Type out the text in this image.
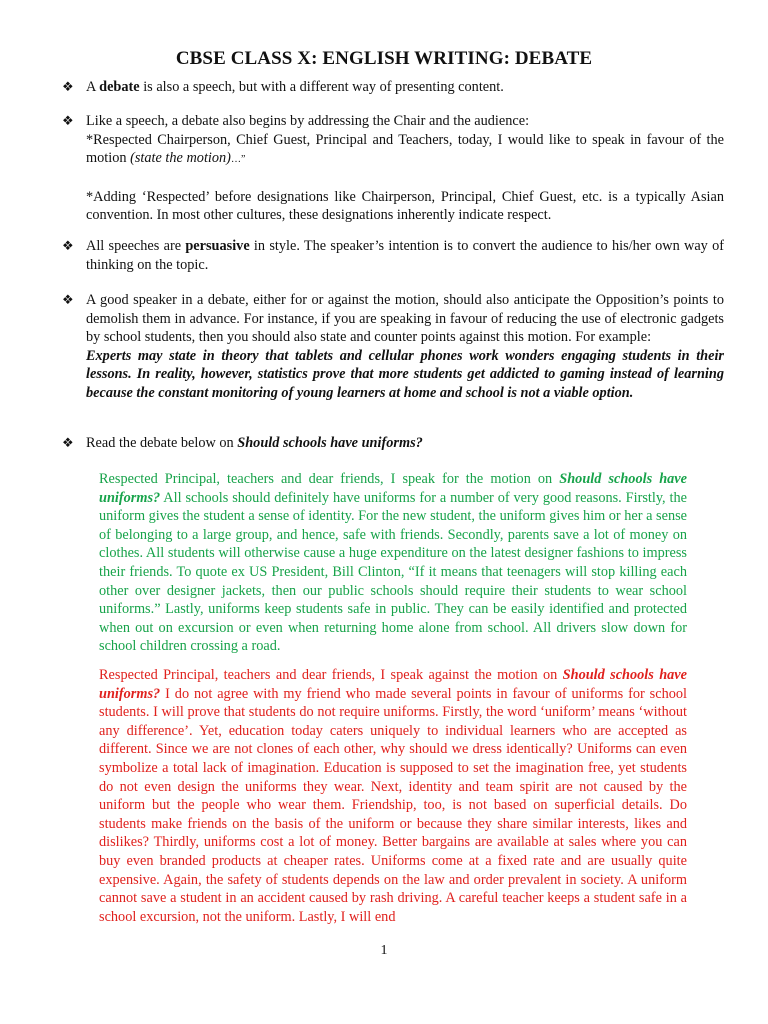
CBSE CLASS X: ENGLISH WRITING: DEBATE
❖ A debate is also a speech, but with a different way of presenting content.

❖ Like a speech, a debate also begins by addressing the Chair and the audience:

*Respected Chairperson, Chief Guest, Principal and Teachers, today, I would like to speak in favour of the motion (state the motion)…”

*Adding ‘Respected’ before designations like Chairperson, Principal, Chief Guest, etc. is a typically Asian convention. In most other cultures, these designations inherently indicate respect.

❖ All speeches are persuasive in style. The speaker’s intention is to convert the audience to his/her own way of thinking on the topic.

❖ A good speaker in a debate, either for or against the motion, should also anticipate the Opposition’s points to demolish them in advance. For instance, if you are speaking in favour of reducing the use of electronic gadgets by school students, then you should also state and counter points against this motion. For example:

Experts may state in theory that tablets and cellular phones work wonders engaging students in their lessons. In reality, however, statistics prove that more students get addicted to gaming instead of learning because the constant monitoring of young learners at home and school is not a viable option.

❖ Read the debate below on Should schools have uniforms?

Respected Principal, teachers and dear friends, I speak for the motion on Should schools have uniforms? All schools should definitely have uniforms for a number of very good reasons. Firstly, the uniform gives the student a sense of identity. For the new student, the uniform gives him or her a sense of belonging to a large group, and hence, safe with friends. Secondly, parents save a lot of money on clothes. All students will otherwise cause a huge expenditure on the latest designer fashions to impress their friends. To quote ex US President, Bill Clinton, “If it means that teenagers will stop killing each other over designer jackets, then our public schools should require their students to wear school uniforms.” Lastly, uniforms keep students safe in public. They can be easily identified and protected when out on excursion or even when returning home alone from school. All drivers slow down for school children crossing a road.

Respected Principal, teachers and dear friends, I speak against the motion on Should schools have uniforms? I do not agree with my friend who made several points in favour of uniforms for school students. I will prove that students do not require uniforms. Firstly, the word ‘uniform’ means ‘without any difference’. Yet, education today caters uniquely to individual learners who are accepted as different. Since we are not clones of each other, why should we dress identically? Uniforms can even symbolize a total lack of imagination. Education is supposed to set the imagination free, yet students do not even design the uniforms they wear. Next, identity and team spirit are not caused by the uniform but the people who wear them. Friendship, too, is not based on superficial details. Do students make friends on the basis of the uniform or because they share similar interests, likes and dislikes? Thirdly, uniforms cost a lot of money. Better bargains are available at sales where you can buy even branded products at cheaper rates. Uniforms come at a fixed rate and are usually quite expensive. Again, the safety of students depends on the law and order prevalent in society. A uniform cannot save a student in an accident caused by rash driving. A careful teacher keeps a student safe in a school excursion, not the uniform. Lastly, I will end

1
